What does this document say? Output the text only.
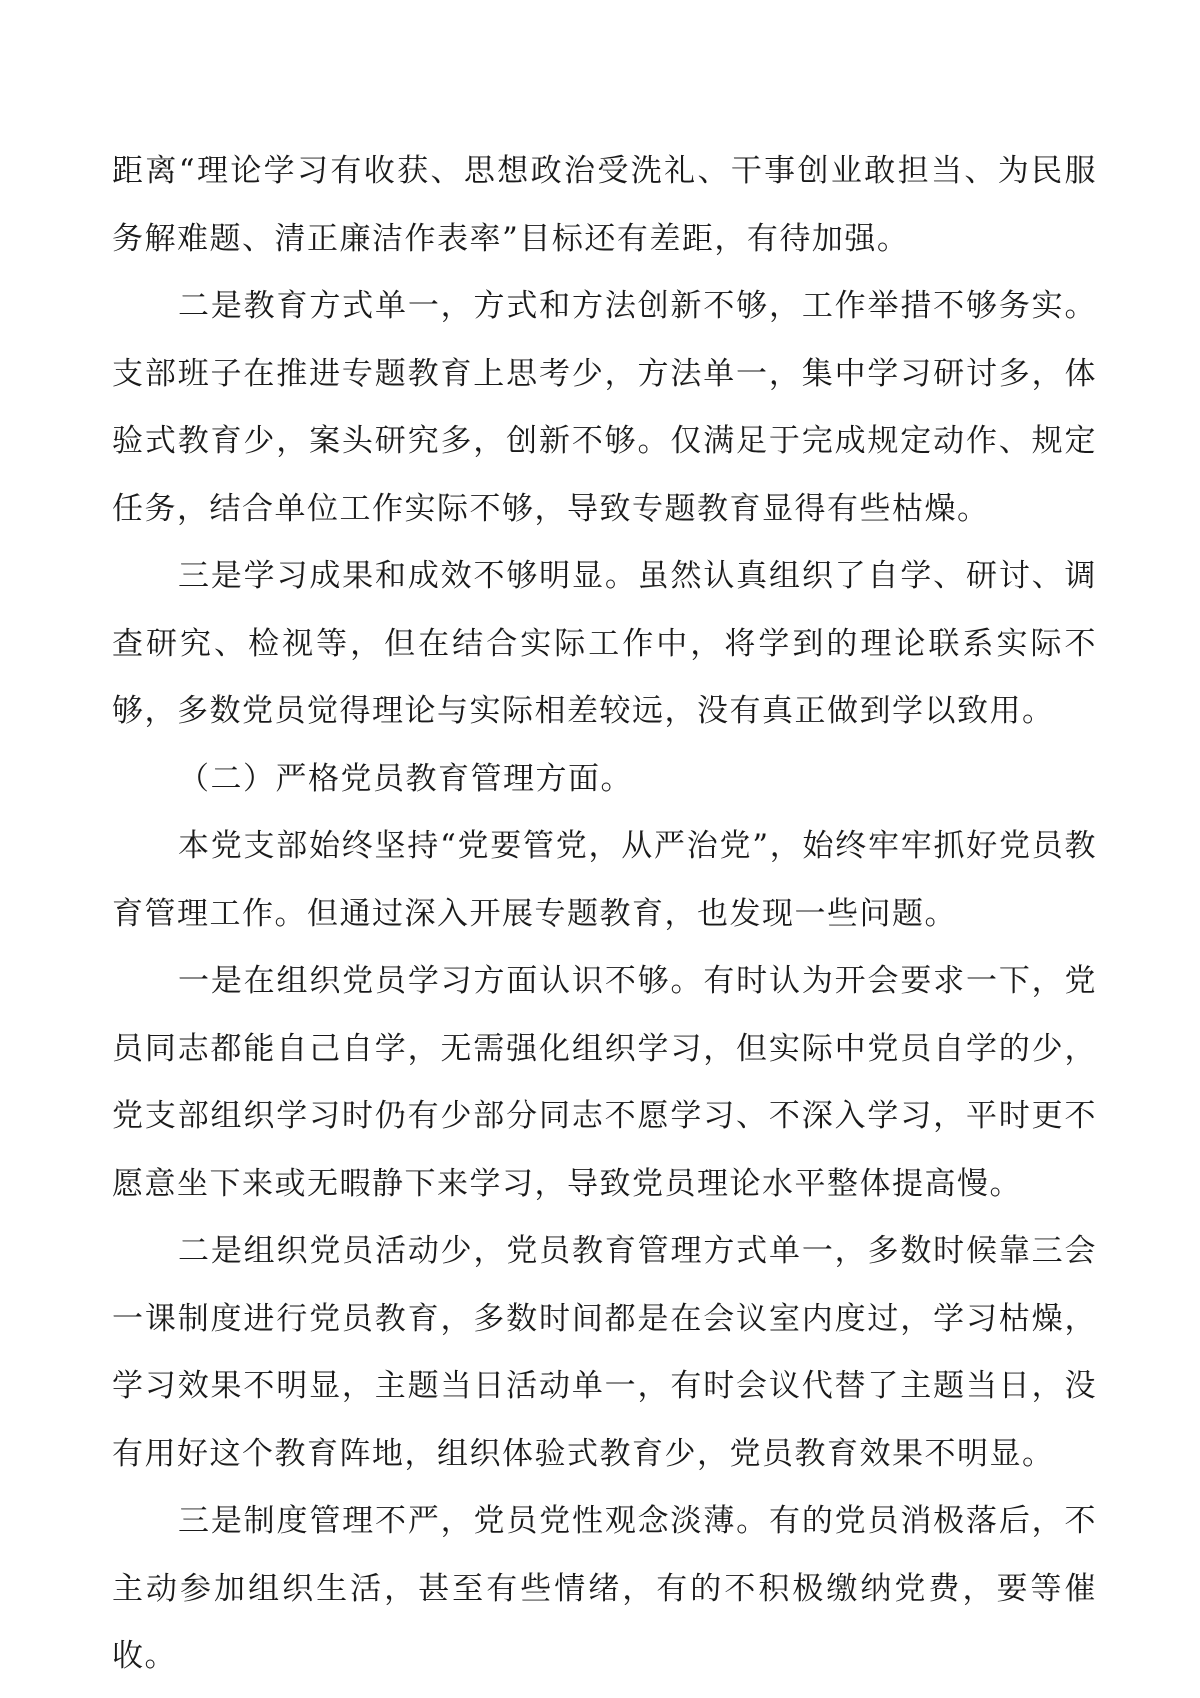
距离“理论学习有收获、思想政治受洗礼、干事创业敢担当、为民服务解难题、清正廉洁作表率”目标还有差距，有待加强。

二是教育方式单一，方式和方法创新不够，工作举措不够务实。支部班子在推进专题教育上思考少，方法单一，集中学习研讨多，体验式教育少，案头研究多，创新不够。仅满足于完成规定动作、规定任务，结合单位工作实际不够，导致专题教育显得有些枯燥。

三是学习成果和成效不够明显。虽然认真组织了自学、研讨、调查研究、检视等，但在结合实际工作中，将学到的理论联系实际不够，多数党员觉得理论与实际相差较远，没有真正做到学以致用。

（二）严格党员教育管理方面。

本党支部始终坚持“党要管党，从严治党”，始终牢牢抓好党员教育管理工作。但通过深入开展专题教育，也发现一些问题。

一是在组织党员学习方面认识不够。有时认为开会要求一下，党员同志都能自己自学，无需强化组织学习，但实际中党员自学的少，党支部组织学习时仍有少部分同志不愿学习、不深入学习，平时更不愿意坐下来或无暇静下来学习，导致党员理论水平整体提高慢。

二是组织党员活动少，党员教育管理方式单一，多数时候靠三会一课制度进行党员教育，多数时间都是在会议室内度过，学习枯燥，学习效果不明显，主题当日活动单一，有时会议代替了主题当日，没有用好这个教育阵地，组织体验式教育少，党员教育效果不明显。

三是制度管理不严，党员党性观念淡薄。有的党员消极落后，不主动参加组织生活，甚至有些情绪，有的不积极缴纳党费，要等催收。
